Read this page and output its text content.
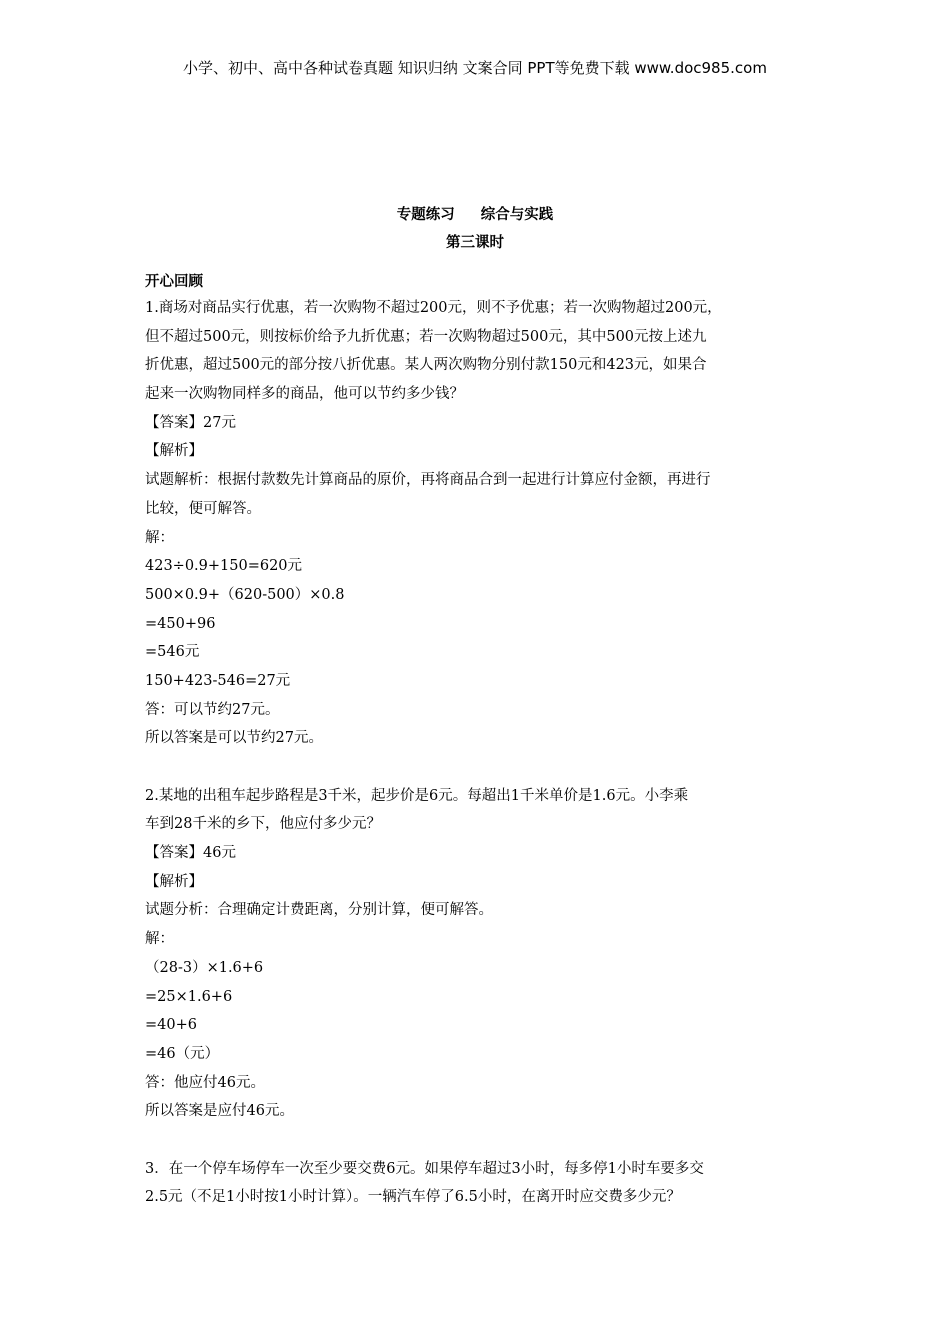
小学、初中、高中各种试卷真题 知识归纳 文案合同 PPT等免费下载 www.doc985.com
专题练习 综合与实践
第三课时
开心回顾
1.商场对商品实行优惠，若一次购物不超过200元，则不予优惠；若一次购物超过200元，
但不超过500元，则按标价给予九折优惠；若一次购物超过500元，其中500元按上述九
折优惠，超过500元的部分按八折优惠。某人两次购物分别付款150元和423元，如果合
起来一次购物同样多的商品，他可以节约多少钱？
【答案】27元
【解析】
试题解析：根据付款数先计算商品的原价，再将商品合到一起进行计算应付金额，再进行
比较，便可解答。
解：
423÷0.9+150=620元
500×0.9+（620-500）×0.8
=450+96
=546元
150+423-546=27元
答：可以节约27元。
所以答案是可以节约27元。
2.某地的出租车起步路程是3千米，起步价是6元。每超出1千米单价是1.6元。小李乘
车到28千米的乡下，他应付多少元？
【答案】46元
【解析】
试题分析：合理确定计费距离，分别计算，便可解答。
解：
（28-3）×1.6+6
=25×1.6+6
=40+6
=46（元）
答：他应付46元。
所以答案是应付46元。
3．在一个停车场停车一次至少要交费6元。如果停车超过3小时，每多停1小时车要多交
2.5元（不足1小时按1小时计算）。一辆汽车停了6.5小时，在离开时应交费多少元？
